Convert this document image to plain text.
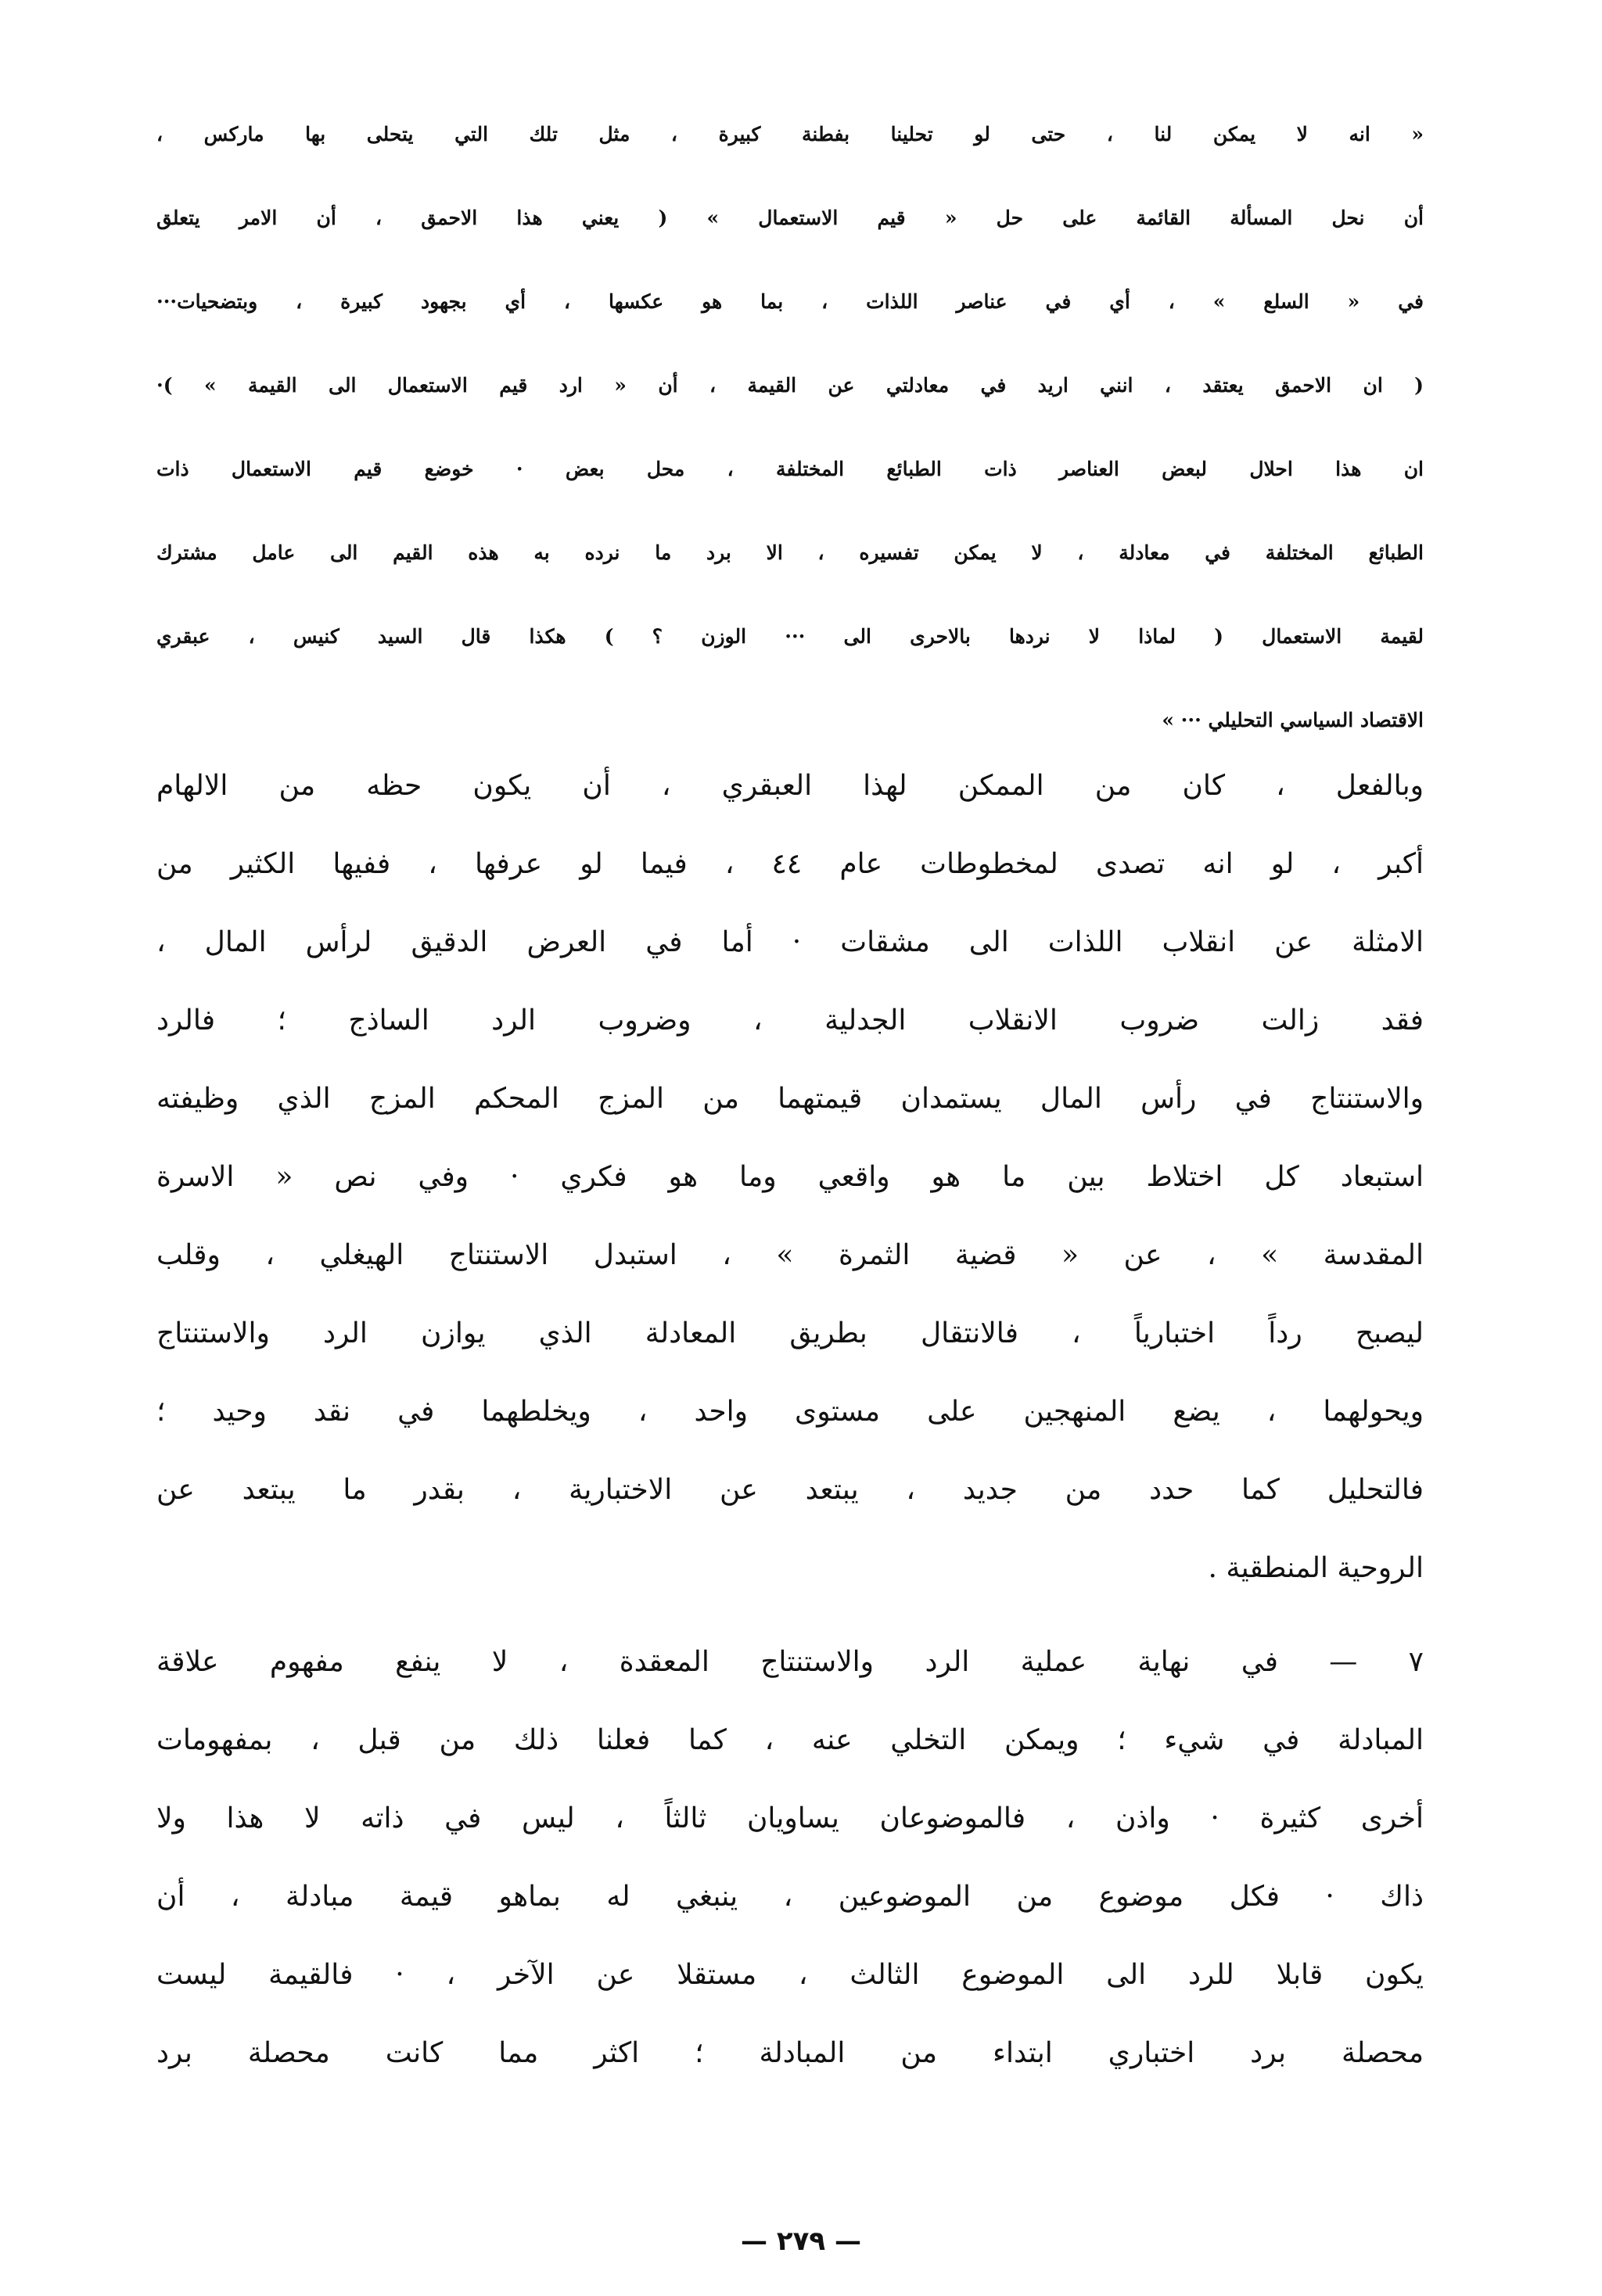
« انه لا يمكن لنا ، حتى لو تحلينا بفطنة كبيرة ، مثل تلك التي يتحلى بها ماركس ،
أن نحل المسألة القائمة على حل « قيم الاستعمال » ( يعني هذا الاحمق ، أن الامر يتعلق
في « السلع » ، أي في عناصر اللذات ، بما هو عكسها ، أي بجهود كبيرة ، وبتضحيات···
( ان الاحمق يعتقد ، انني اريد في معادلتي عن القيمة ، أن « ارد قيم الاستعمال الى القيمة » )·
ان هذا احلال لبعض العناصر ذات الطبائع المختلفة ، محل بعض · خوضع قيم الاستعمال ذات
الطبائع المختلفة في معادلة ، لا يمكن تفسيره ، الا برد ما نرده به هذه القيم الى عامل مشترك
لقيمة الاستعمال ( لماذا لا نردها بالاحرى الى ··· الوزن ؟ ) هكذا قال السيد كنيس ، عبقري
الاقتصاد السياسي التحليلي ··· »
وبالفعل ، كان من الممكن لهذا العبقري ، أن يكون حظه من الالهام
أكبر ، لو انه تصدى لمخطوطات عام ٤٤ ، فيما لو عرفها ، ففيها الكثير من
الامثلة عن انقلاب اللذات الى مشقات · أما في العرض الدقيق لرأس المال ،
فقد زالت ضروب الانقلاب الجدلية ، وضروب الرد الساذج ؛ فالرد
والاستنتاج في رأس المال يستمدان قيمتهما من المزج المحكم المزج الذي وظيفته
استبعاد كل اختلاط بين ما هو واقعي وما هو فكري · وفي نص « الاسرة
المقدسة » ، عن « قضية الثمرة » ، استبدل الاستنتاج الهيغلي ، وقلب
ليصبح رداً اختبارياً ، فالانتقال بطريق المعادلة الذي يوازن الرد والاستنتاج
ويحولهما ، يضع المنهجين على مستوى واحد ، ويخلطهما في نقد وحيد ؛
فالتحليل كما حدد من جديد ، يبتعد عن الاختبارية ، بقدر ما يبتعد عن
الروحية المنطقية .
٧ — في نهاية عملية الرد والاستنتاج المعقدة ، لا ينفع مفهوم علاقة
المبادلة في شيء ؛ ويمكن التخلي عنه ، كما فعلنا ذلك من قبل ، بمفهومات
أخرى كثيرة · واذن ، فالموضوعان يساويان ثالثاً ، ليس في ذاته لا هذا ولا
ذاك · فكل موضوع من الموضوعين ، ينبغي له بماهو قيمة مبادلة ، أن
يكون قابلا للرد الى الموضوع الثالث ، مستقلا عن الآخر ، · فالقيمة ليست
محصلة برد اختباري ابتداء من المبادلة ؛ اكثر مما كانت محصلة برد
— ٢٧٩ —
